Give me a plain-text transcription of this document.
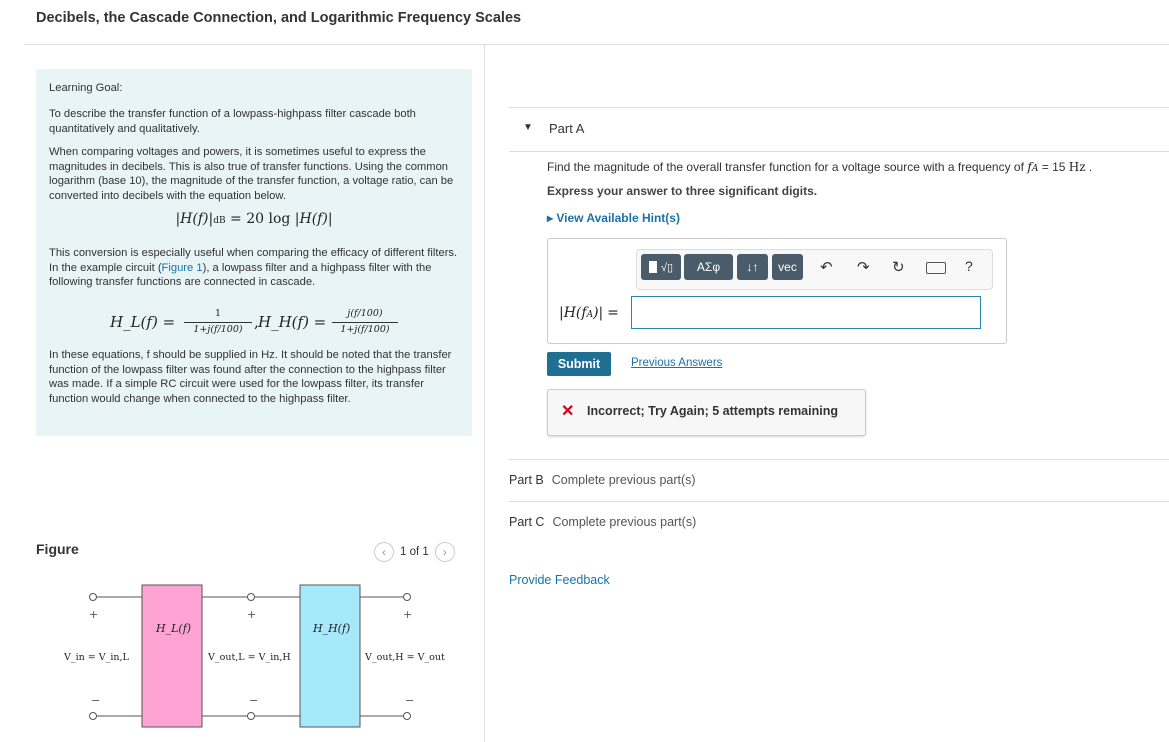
Decibels, the Cascade Connection, and Logarithmic Frequency Scales
Learning Goal:
To describe the transfer function of a lowpass-highpass filter cascade both quantitatively and qualitatively.
When comparing voltages and powers, it is sometimes useful to express the magnitudes in decibels. This is also true of transfer functions. Using the common logarithm (base 10), the magnitude of the transfer function, a voltage ratio, can be converted into decibels with the equation below.
|H(f)|dB = 20 log |H(f)|
This conversion is especially useful when comparing the efficacy of different filters. In the example circuit (Figure 1), a lowpass filter and a highpass filter with the following transfer functions are connected in cascade.
H_L(f) =	1
1+j(f/100) , H_H(f) =	j(f/100)
1+j(f/100)
In these equations, f should be supplied in Hz. It should be noted that the transfer function of the lowpass filter was found after the connection to the highpass filter was made. If a simple RC circuit were used for the lowpass filter, its transfer function would change when connected to the highpass filter.
Figure	‹	1 of 1	›
+	+	+
−	−	−
H_L(f)	H_H(f)
V_in = V_in,L	V_out,L = V_in,H	V_out,H = V_out
▼ Part A
Find the magnitude of the overall transfer function for a voltage source with a frequency of fA = 15 Hz .
Express your answer to three significant digits.
▸ View Available Hint(s)
√▯	ΑΣφ	↓↑	vec	↶ ↷ ↻	?
|H(fA)| =
Submit	Previous Answers
✕ Incorrect; Try Again; 5 attempts remaining
Part B Complete previous part(s)
Part C Complete previous part(s)
Provide Feedback
